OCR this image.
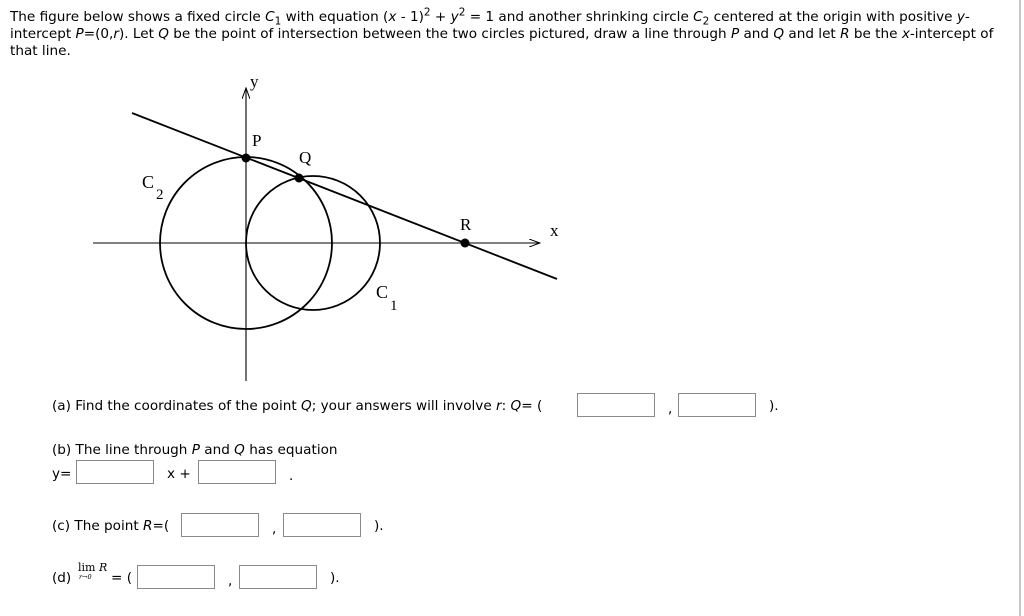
The figure below shows a fixed circle $C_1$ with equation $(x - 1)^2 + y^2 = 1$ and another shrinking circle $C_2$ centered at the origin with positive y-intercept P=(0,r). Let Q be the point of intersection between the two circles pictured, draw a line through P and Q and let R be the x-intercept of that line.
y
x
P
Q
R
C
2
C
1
(a) Find the coordinates of the point Q; your answers will involve r: Q= (	,	).
(b) The line through P and Q has equation
y=	x +	.
(c) The point R=(	,	).
(d)
lim R
r→0 = (	,	).
